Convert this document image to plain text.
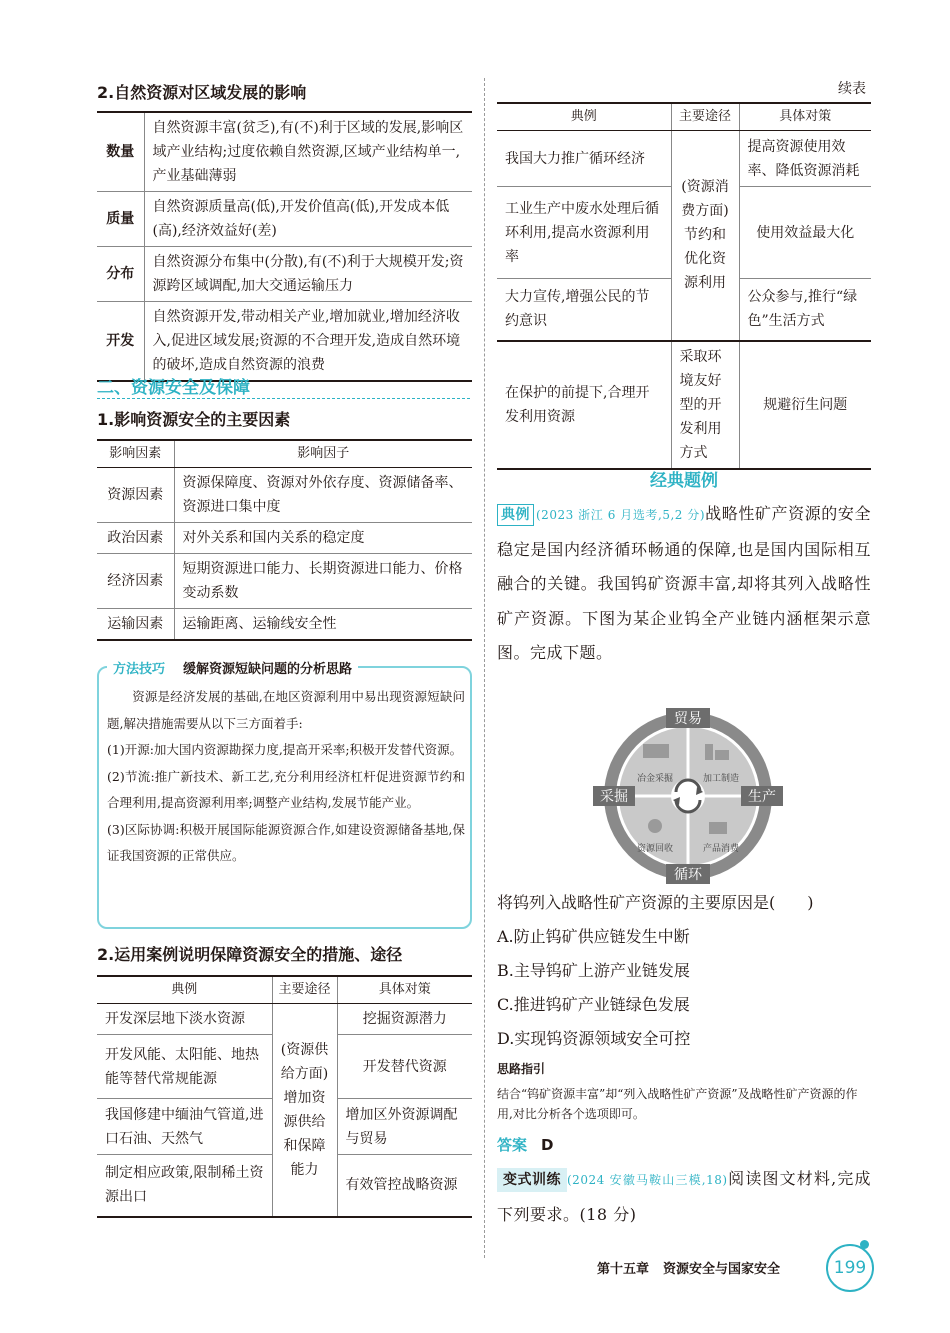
2.自然资源对区域发展的影响
数量	自然资源丰富(贫乏),有(不)利于区域的发展,影响区域产业结构;过度依赖自然资源,区域产业结构单一,产业基础薄弱
质量	自然资源质量高(低),开发价值高(低),开发成本低(高),经济效益好(差)
分布	自然资源分布集中(分散),有(不)利于大规模开发;资源跨区域调配,加大交通运输压力
开发	自然资源开发,带动相关产业,增加就业,增加经济收入,促进区域发展;资源的不合理开发,造成自然环境的破坏,造成自然资源的浪费
二、资源安全及保障
1.影响资源安全的主要因素
影响因素	影响因子
资源因素	资源保障度、资源对外依存度、资源储备率、资源进口集中度
政治因素	对外关系和国内关系的稳定度
经济因素	短期资源进口能力、长期资源进口能力、价格变动系数
运输因素	运输距离、运输线安全性
方法技巧 缓解资源短缺问题的分析思路

　　资源是经济发展的基础,在地区资源利用中易出现资源短缺问题,解决措施需要从以下三方面着手:

(1)开源:加大国内资源勘探力度,提高开采率;积极开发替代资源。

(2)节流:推广新技术、新工艺,充分利用经济杠杆促进资源节约和合理利用,提高资源利用率;调整产业结构,发展节能产业。

(3)区际协调:积极开展国际能源资源合作,如建设资源储备基地,保证我国资源的正常供应。

2.运用案例说明保障资源安全的措施、途径
典例	主要途径	具体对策
开发深层地下淡水资源	(资源供给方面)增加资源供给和保障能力	挖掘资源潜力
开发风能、太阳能、地热能等替代常规能源		开发替代资源
我国修建中缅油气管道,进口石油、天然气		增加区外资源调配与贸易
制定相应政策,限制稀土资源出口		有效管控战略资源
续表
典例	主要途径	具体对策
我国大力推广循环经济	(资源消费方面)节约和优化资源利用	提高资源使用效率、降低资源消耗
工业生产中废水处理后循环利用,提高水资源利用率		使用效益最大化
大力宣传,增强公民的节约意识		公众参与,推行“绿色”生活方式
在保护的前提下,合理开发利用资源	采取环境友好型的开发利用方式	规避衍生问题
经典题例
典例 (2023 浙江 6 月选考,5,2 分)战略性矿产资源的安全稳定是国内经济循环畅通的保障,也是国内国际相互融合的关键。我国钨矿资源丰富,却将其列入战略性矿产资源。下图为某企业钨全产业链内涵框架示意图。完成下题。
冶金采掘	加工制造
资源回收	产品消费
贸易
采掘	生产
循环
将钨列入战略性矿产资源的主要原因是(　　)
A.防止钨矿供应链发生中断
B.主导钨矿上游产业链发展
C.推进钨矿产业链绿色发展
D.实现钨资源领域安全可控
思路指引
结合“钨矿资源丰富”却“列入战略性矿产资源”及战略性矿产资源的作用,对比分析各个选项即可。
答案 D
变式训练 (2024 安徽马鞍山三模,18)阅读图文材料,完成下列要求。(18 分)
第十五章 资源安全与国家安全	199
